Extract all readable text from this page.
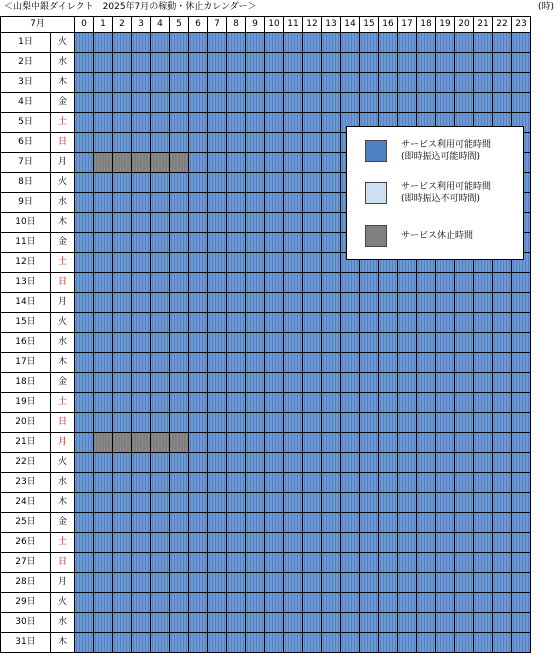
＜山梨中銀ダイレクト　2025年7月の稼動・休止カレンダー＞	(時)
7月		0	1	2	3	4	5	6	7	8	9	10	11	12	13	14	15	16	17	18	19	20	21	22	23
1日	火																								
2日	水																								
3日	木																								
4日	金																								
5日	土																								
6日	日																								
7日	月																								
8日	火																								
9日	水																								
10日	木																								
11日	金																								
12日	土																								
13日	日																								
14日	月																								
15日	火																								
16日	水																								
17日	木																								
18日	金																								
19日	土																								
20日	日																								
21日	月																								
22日	火																								
23日	水																								
24日	木																								
25日	金																								
26日	土																								
27日	日																								
28日	月																								
29日	火																								
30日	水																								
31日	木																								
サービス利用可能時間
(即時振込可能時間)
サービス利用可能時間
(即時振込不可時間)
サービス休止時間
